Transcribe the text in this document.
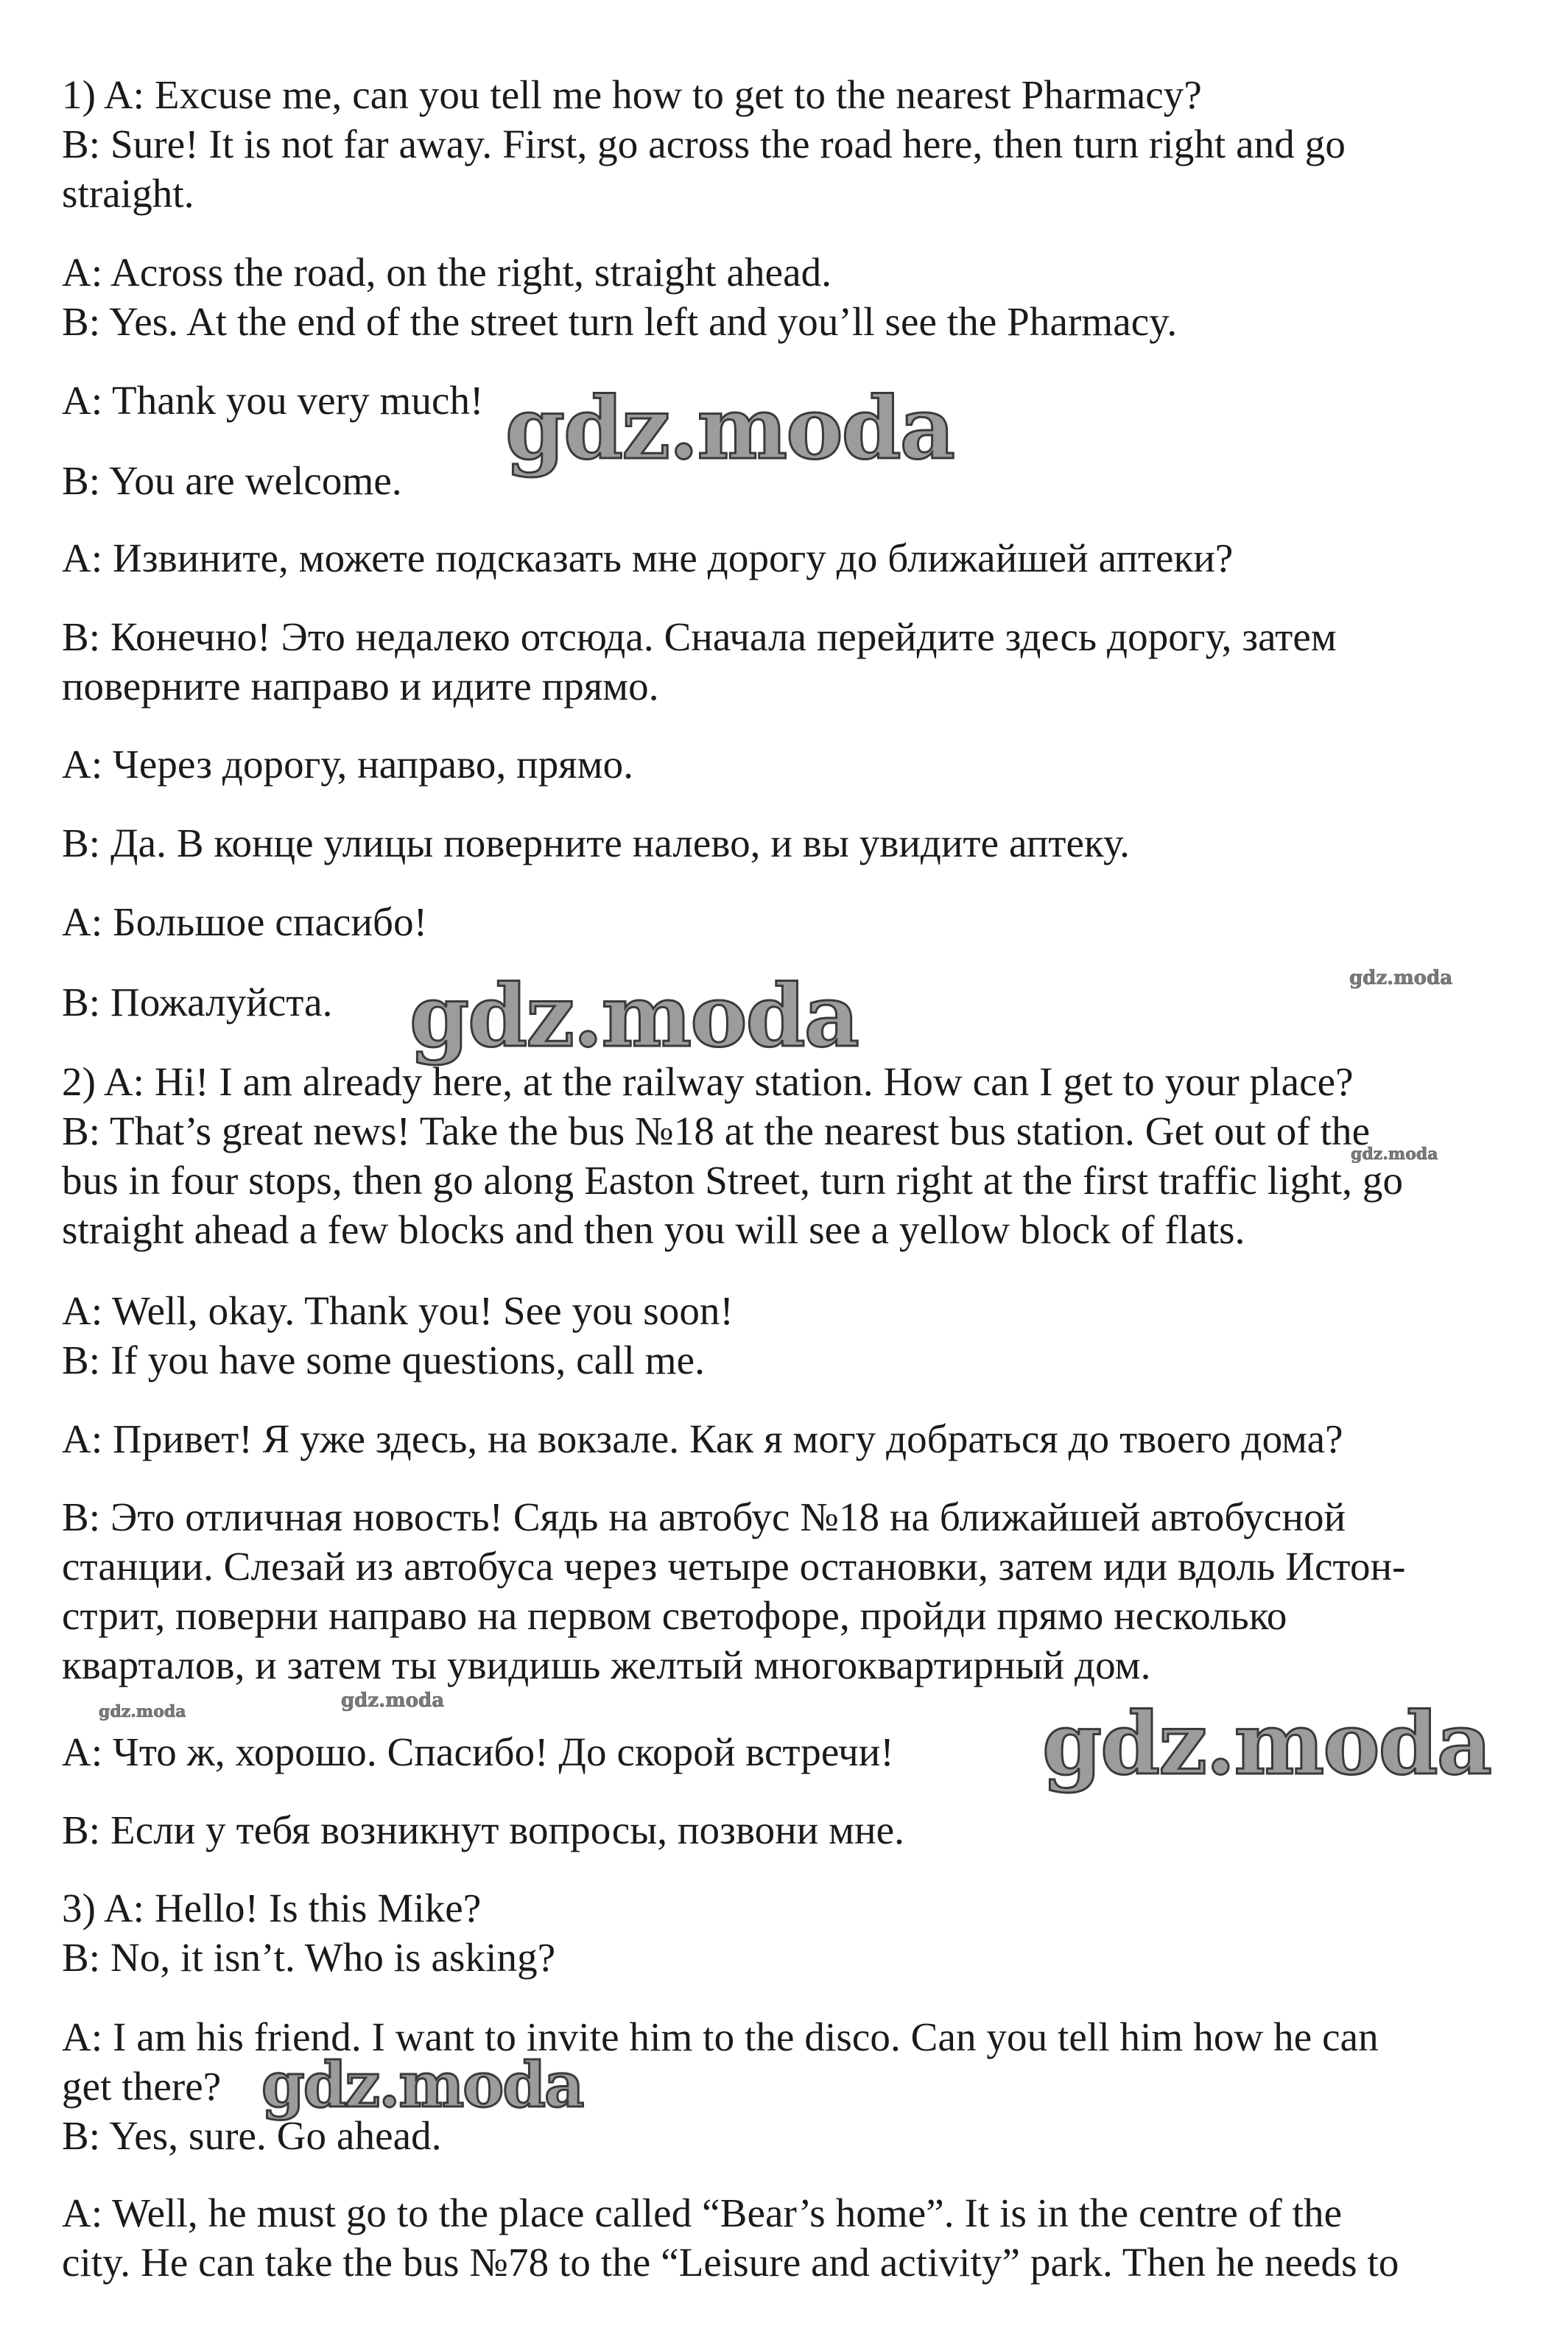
1) A: Excuse me, can you tell me how to get to the nearest Pharmacy?
B: Sure! It is not far away. First, go across the road here, then turn right and go
straight.
A: Across the road, on the right, straight ahead.
B: Yes. At the end of the street turn left and you’ll see the Pharmacy.
A: Thank you very much!
B: You are welcome.
A: Извините, можете подсказать мне дорогу до ближайшей аптеки?
B: Конечно! Это недалеко отсюда. Сначала перейдите здесь дорогу, затем
поверните направо и идите прямо.
A: Через дорогу, направо, прямо.
B: Да. В конце улицы поверните налево, и вы увидите аптеку.
A: Большое спасибо!
B: Пожалуйста.
2) A: Hi! I am already here, at the railway station. How can I get to your place?
B: That’s great news! Take the bus №18 at the nearest bus station. Get out of the
bus in four stops, then go along Easton Street, turn right at the first traffic light, go
straight ahead a few blocks and then you will see a yellow block of flats.
A: Well, okay. Thank you! See you soon!
B: If you have some questions, call me.
A: Привет! Я уже здесь, на вокзале. Как я могу добраться до твоего дома?
B: Это отличная новость! Сядь на автобус №18 на ближайшей автобусной
станции. Слезай из автобуса через четыре остановки, затем иди вдоль Истон-
стрит, поверни направо на первом светофоре, пройди прямо несколько
кварталов, и затем ты увидишь желтый многоквартирный дом.
A: Что ж, хорошо. Спасибо! До скорой встречи!
B: Если у тебя возникнут вопросы, позвони мне.
3) A: Hello! Is this Mike?
B: No, it isn’t. Who is asking?
A: I am his friend. I want to invite him to the disco. Can you tell him how he can
get there?
B: Yes, sure. Go ahead.
A: Well, he must go to the place called “Bear’s home”. It is in the centre of the
city. He can take the bus №78 to the “Leisure and activity” park. Then he needs to
gdz.moda
gdz.moda	gdz.moda
gdz.moda
gdz.moda	gdz.moda	gdz.moda
gdz.moda
